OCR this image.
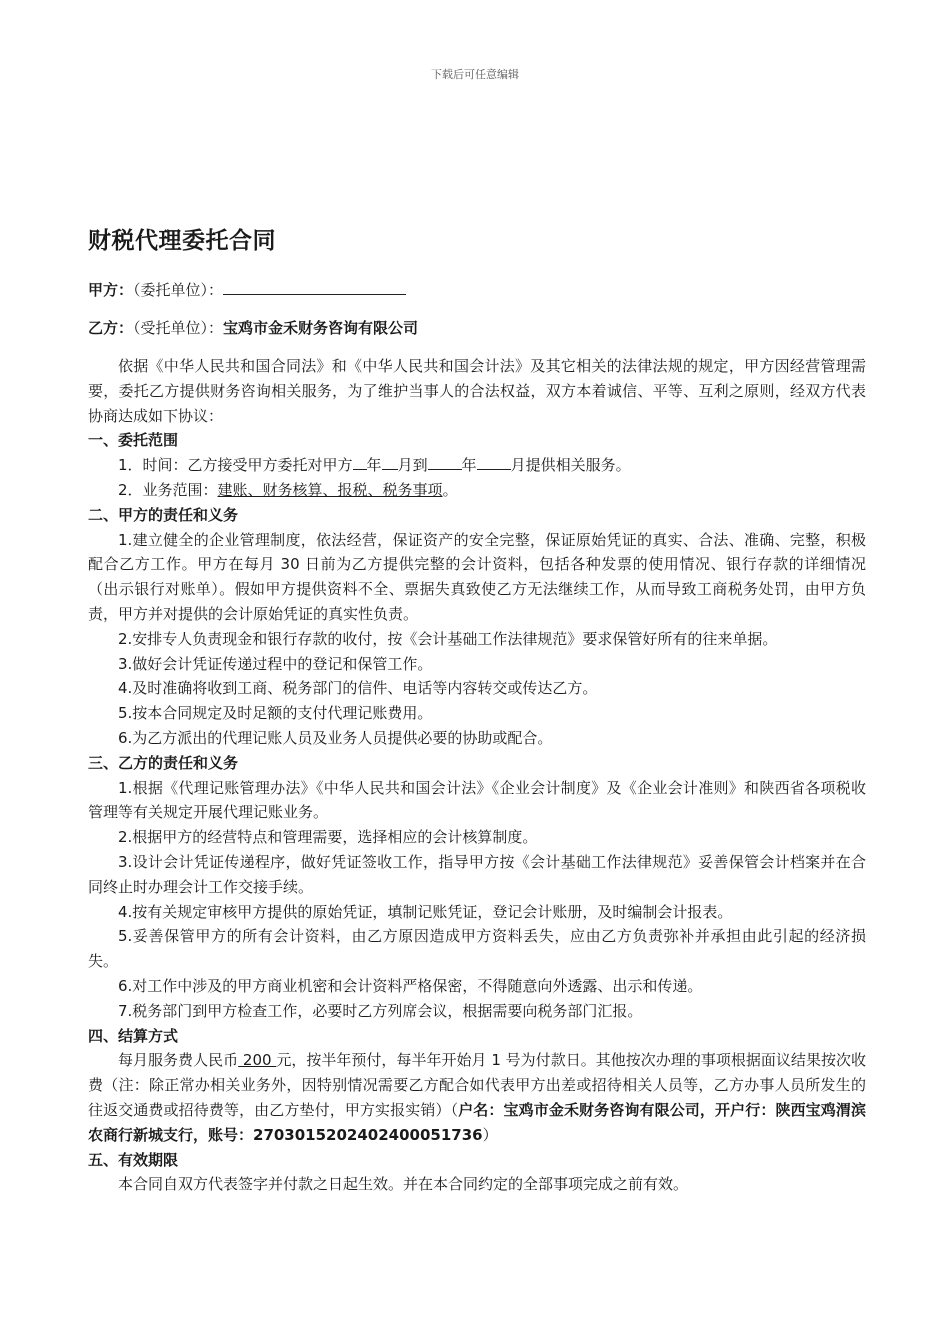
下载后可任意编辑
财税代理委托合同

甲方：（委托单位）：

乙方：（受托单位）：宝鸡市金禾财务咨询有限公司

依据《中华人民共和国合同法》和《中华人民共和国会计法》及其它相关的法律法规的规定，甲方因经营管理需要，委托乙方提供财务咨询相关服务，为了维护当事人的合法权益，双方本着诚信、平等、互利之原则，经双方代表协商达成如下协议：

一、委托范围

1．时间：乙方接受甲方委托对甲方 年 月到 年 月提供相关服务。

2．业务范围：建账、财务核算、报税、税务事项。

二、甲方的责任和义务

1.建立健全的企业管理制度，依法经营，保证资产的安全完整，保证原始凭证的真实、合法、准确、完整，积极配合乙方工作。甲方在每月 30 日前为乙方提供完整的会计资料，包括各种发票的使用情况、银行存款的详细情况（出示银行对账单）。假如甲方提供资料不全、票据失真致使乙方无法继续工作，从而导致工商税务处罚，由甲方负责，甲方并对提供的会计原始凭证的真实性负责。

2.安排专人负责现金和银行存款的收付，按《会计基础工作法律规范》要求保管好所有的往来单据。

3.做好会计凭证传递过程中的登记和保管工作。

4.及时准确将收到工商、税务部门的信件、电话等内容转交或传达乙方。

5.按本合同规定及时足额的支付代理记账费用。

6.为乙方派出的代理记账人员及业务人员提供必要的协助或配合。

三、乙方的责任和义务

1.根据《代理记账管理办法》《中华人民共和国会计法》《企业会计制度》及《企业会计准则》和陕西省各项税收管理等有关规定开展代理记账业务。

2.根据甲方的经营特点和管理需要，选择相应的会计核算制度。

3.设计会计凭证传递程序，做好凭证签收工作，指导甲方按《会计基础工作法律规范》妥善保管会计档案并在合同终止时办理会计工作交接手续。

4.按有关规定审核甲方提供的原始凭证，填制记账凭证，登记会计账册，及时编制会计报表。

5.妥善保管甲方的所有会计资料，由乙方原因造成甲方资料丢失，应由乙方负责弥补并承担由此引起的经济损失。

6.对工作中涉及的甲方商业机密和会计资料严格保密，不得随意向外透露、出示和传递。

7.税务部门到甲方检查工作，必要时乙方列席会议，根据需要向税务部门汇报。

四、结算方式

每月服务费人民币 200 元，按半年预付，每半年开始月 1 号为付款日。其他按次办理的事项根据面议结果按次收费（注：除正常办相关业务外，因特别情况需要乙方配合如代表甲方出差或招待相关人员等，乙方办事人员所发生的往返交通费或招待费等，由乙方垫付，甲方实报实销）（户名：宝鸡市金禾财务咨询有限公司，开户行：陕西宝鸡渭滨农商行新城支行，账号：27030152024024000517​36）

五、有效期限

本合同自双方代表签字并付款之日起生效。并在本合同约定的全部事项完成之前有效。
